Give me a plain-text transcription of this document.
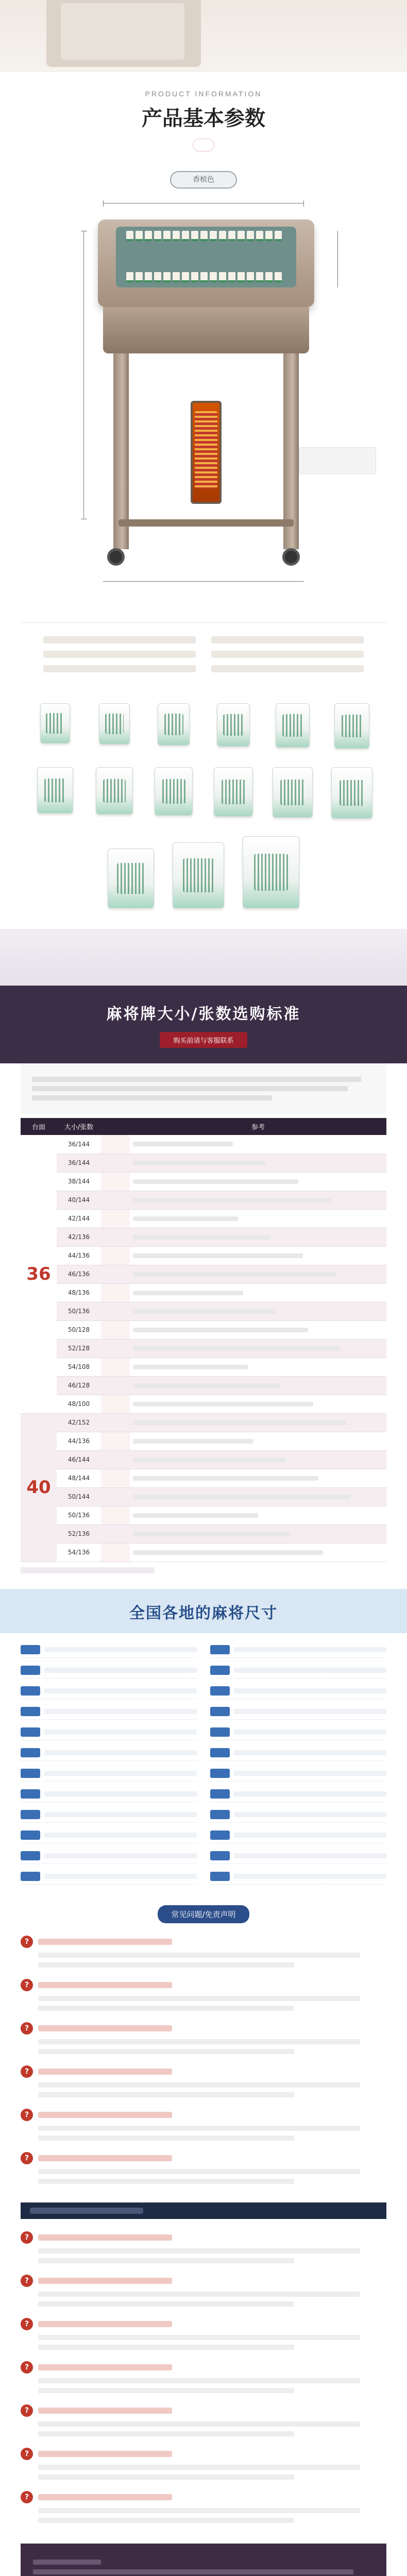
PRODUCT INFORMATION
产品基本参数

香槟色
麻将牌大小/张数选购标准
购买前请与客服联系
台面	大小/张数		参考
36	36/144		

	36/144		

	38/144		

	40/144		

	42/144		

	42/136		

	44/136		

	46/136		

	48/136		

	50/136		

	50/128		

	52/128		

	54/108		

	46/128		

	48/100		

40	42/152		

	44/136		

	46/144		

	48/144		

	50/144		

	50/136		

	52/136		

	54/136		
全国各地的麻将尺寸
常见问题/免责声明
?
?
?
?
?
?
?
?
?
?
?
?
?
